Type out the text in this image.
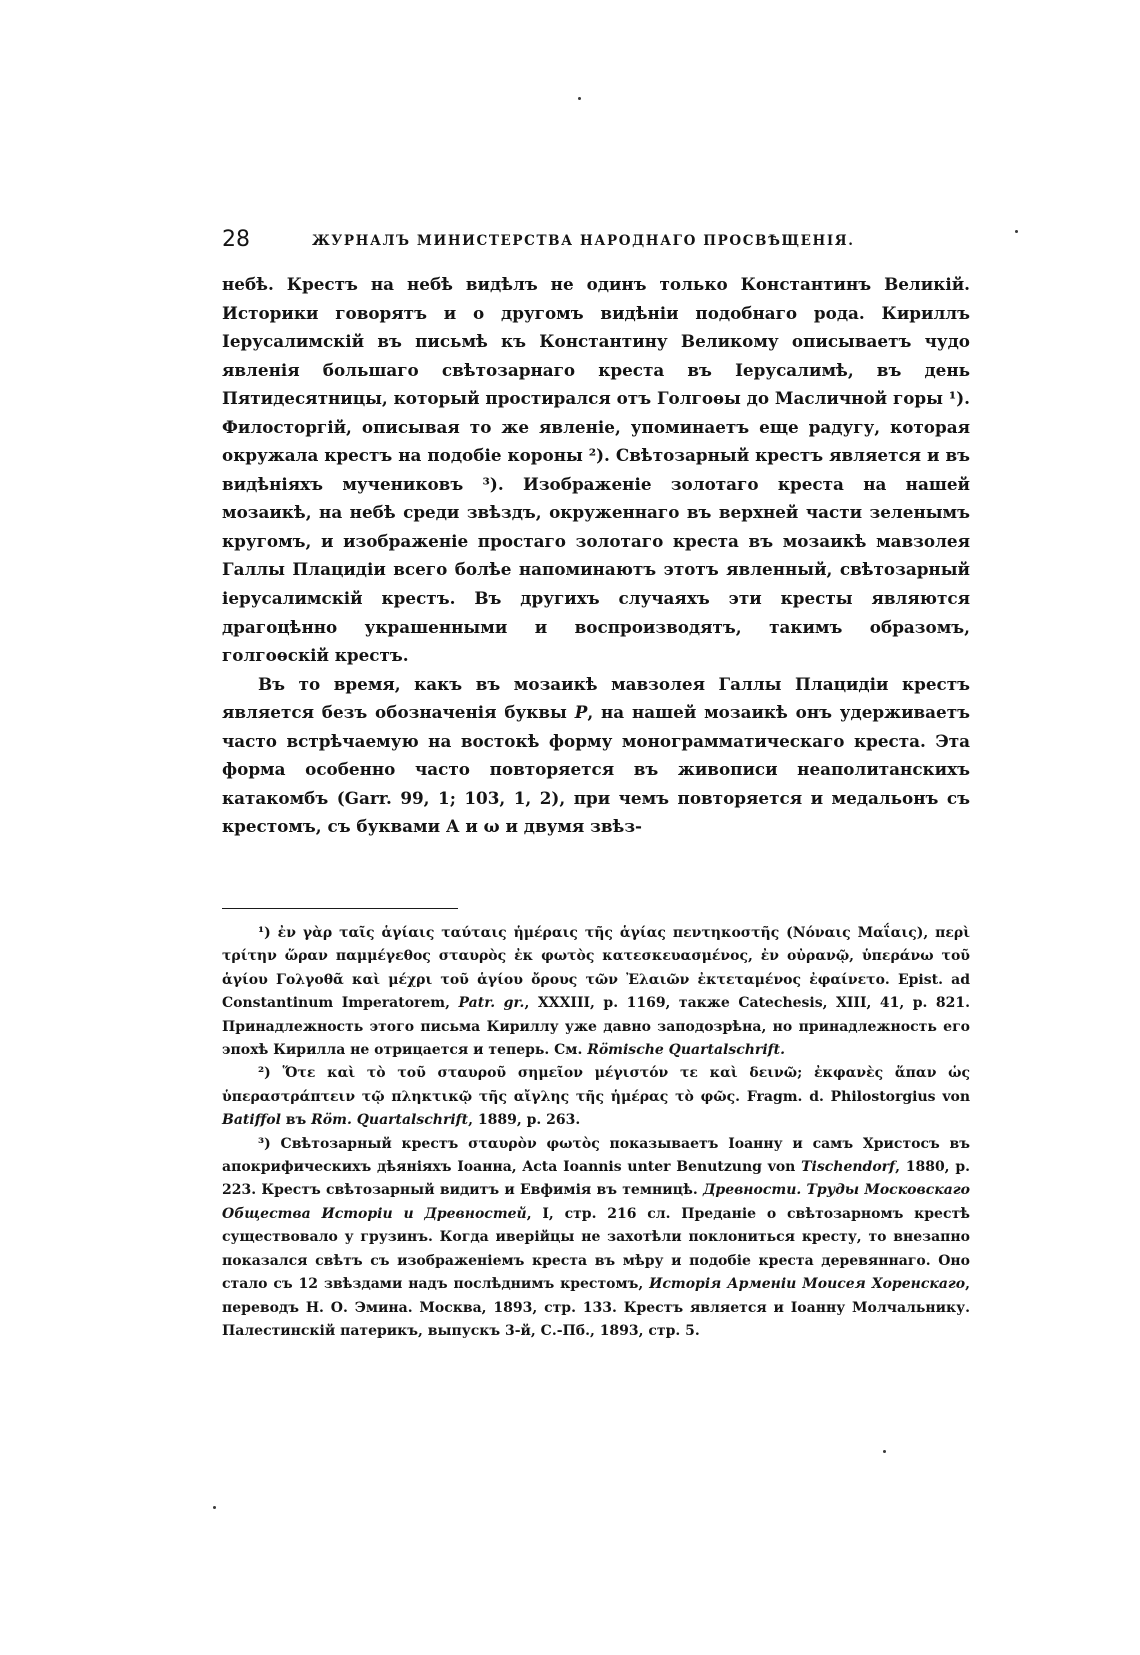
28	ЖУРНАЛЪ МИНИСТЕРСТВА НАРОДНАГО ПРОСВѢЩЕНІЯ.

небѣ. Крестъ на небѣ видѣлъ не одинъ только Константинъ Великій. Историки говорятъ и о другомъ видѣніи подобнаго рода. Кириллъ Іерусалимскій въ письмѣ къ Константину Великому описываетъ чудо явленія большаго свѣтозарнаго креста въ Іерусалимѣ, въ день Пятидесятницы, который простирался отъ Голгоѳы до Масличной горы ¹). Филосторгій, описывая то же явленіе, упоминаетъ еще радугу, которая окружала крестъ на подобіе короны ²). Свѣтозарный крестъ является и въ видѣніяхъ мучениковъ ³). Изображеніе золотаго креста на нашей мозаикѣ, на небѣ среди звѣздъ, окруженнаго въ верхней части зеленымъ кругомъ, и изображеніе простаго золотаго креста въ мозаикѣ мавзолея Галлы Плацидіи всего болѣе напоминаютъ этотъ явленный, свѣтозарный іерусалимскій крестъ. Въ другихъ случаяхъ эти кресты являются драгоцѣнно украшенными и воспроизводятъ, такимъ образомъ, голгоѳскій крестъ.

Въ то время, какъ въ мозаикѣ мавзолея Галлы Плацидіи крестъ является безъ обозначенія буквы P, на нашей мозаикѣ онъ удерживаетъ часто встрѣчаемую на востокѣ форму монограмматическаго креста. Эта форма особенно часто повторяется въ живописи неаполитанскихъ катакомбъ (Garr. 99, 1; 103, 1, 2), при чемъ повторяется и медальонъ съ крестомъ, съ буквами А и ω и двумя звѣз-

¹) ἐν γὰρ ταῖς ἁγίαις ταύταις ἡμέραις τῆς ἁγίας πεντηκοστῆς (Νόναις Μαΐαις), περὶ τρίτην ὥραν παμμέγεθος σταυρὸς ἐκ φωτὸς κατεσκευασμένος, ἐν οὐρανῷ, ὑπεράνω τοῦ ἁγίου Γολγοθᾶ καὶ μέχρι τοῦ ἁγίου ὄρους τῶν Ἐλαιῶν ἐκτεταμένος ἐφαίνετο. Epist. ad Constantinum Imperatorem, Patr. gr., XXXIII, p. 1169, также Catechesis, XIII, 41, p. 821. Принадлежность этого письма Кириллу уже давно заподозрѣна, но принадлежность его эпохѣ Кирилла не отрицается и теперь. См. Römische Quartalschrift.

²) Ὅτε καὶ τὸ τοῦ σταυροῦ σημεῖον μέγιστόν τε καὶ δεινῶ; ἐκφανὲς ἅπαν ὡς ὑπεραστράπτειν τῷ πληκτικῷ τῆς αἴγλης τῆς ἡμέρας τὸ φῶς. Fragm. d. Philostorgius von Batiffol въ Röm. Quartalschrift, 1889, p. 263.

³) Свѣтозарный крестъ σταυρὸν φωτὸς показываетъ Іоанну и самъ Христосъ въ апокрифическихъ дѣяніяхъ Іоанна, Acta Ioannis unter Benutzung von Tischendorf, 1880, p. 223. Крестъ свѣтозарный видитъ и Евфимія въ темницѣ. Древности. Труды Московскаго Общества Исторіи и Древностей, I, стр. 216 сл. Преданіе о свѣтозарномъ крестѣ существовало у грузинъ. Когда иверійцы не захотѣли поклониться кресту, то внезапно показался свѣтъ съ изображеніемъ креста въ мѣру и подобіе креста деревяннаго. Оно стало съ 12 звѣздами надъ послѣднимъ крестомъ, Исторія Арменіи Моисея Хоренскаго, переводъ Н. О. Эмина. Москва, 1893, стр. 133. Крестъ является и Іоанну Молчальнику. Палестинскій патерикъ, выпускъ 3-й, С.-Пб., 1893, стр. 5.
